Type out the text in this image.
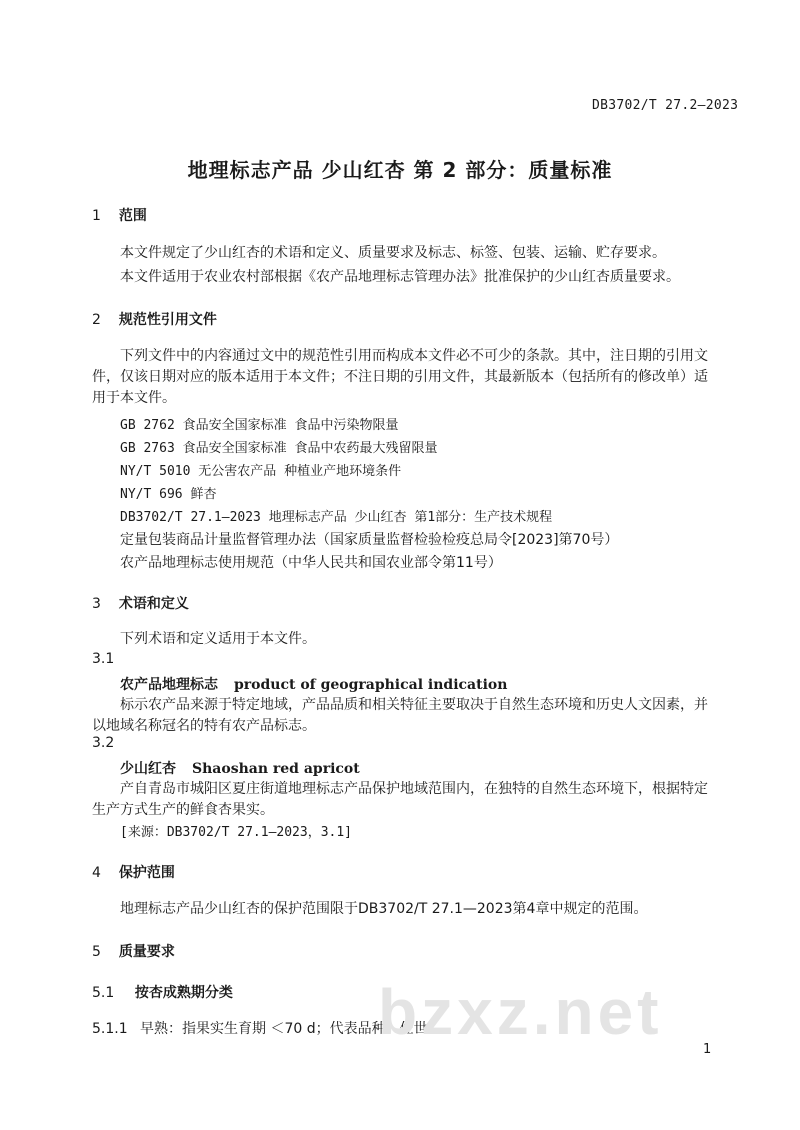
DB3702/T 27.2—2023
地理标志产品 少山红杏 第 2 部分：质量标准
1 范围
本文件规定了少山红杏的术语和定义、质量要求及标志、标签、包装、运输、贮存要求。
本文件适用于农业农村部根据《农产品地理标志管理办法》批准保护的少山红杏质量要求。
2 规范性引用文件
下列文件中的内容通过文中的规范性引用而构成本文件必不可少的条款。其中，注日期的引用文件，仅该日期对应的版本适用于本文件；不注日期的引用文件，其最新版本（包括所有的修改单）适用于本文件。
GB 2762 食品安全国家标准 食品中污染物限量
GB 2763 食品安全国家标准 食品中农药最大残留限量
NY/T 5010 无公害农产品 种植业产地环境条件
NY/T 696 鲜杏
DB3702/T 27.1—2023 地理标志产品 少山红杏 第1部分：生产技术规程
定量包装商品计量监督管理办法（国家质量监督检验检疫总局令[2023]第70号）
农产品地理标志使用规范（中华人民共和国农业部令第11号）
3 术语和定义
下列术语和定义适用于本文件。
3.1
农产品地理标志 product of geographical indication
标示农产品来源于特定地域，产品品质和相关特征主要取决于自然生态环境和历史人文因素，并以地域名称冠名的特有农产品标志。
3.2
少山红杏 Shaoshan red apricot
产自青岛市城阳区夏庄街道地理标志产品保护地域范围内，在独特的自然生态环境下，根据特定生产方式生产的鲜食杏果实。
[来源：DB3702/T 27.1—2023，3.1]
4 保护范围
地理标志产品少山红杏的保护范围限于DB3702/T 27.1—2023第4章中规定的范围。
5 质量要求
5.1 按杏成熟期分类
5.1.1 早熟：指果实生育期 ＜70 d；代表品种：佐世。
bzxz.net
1
